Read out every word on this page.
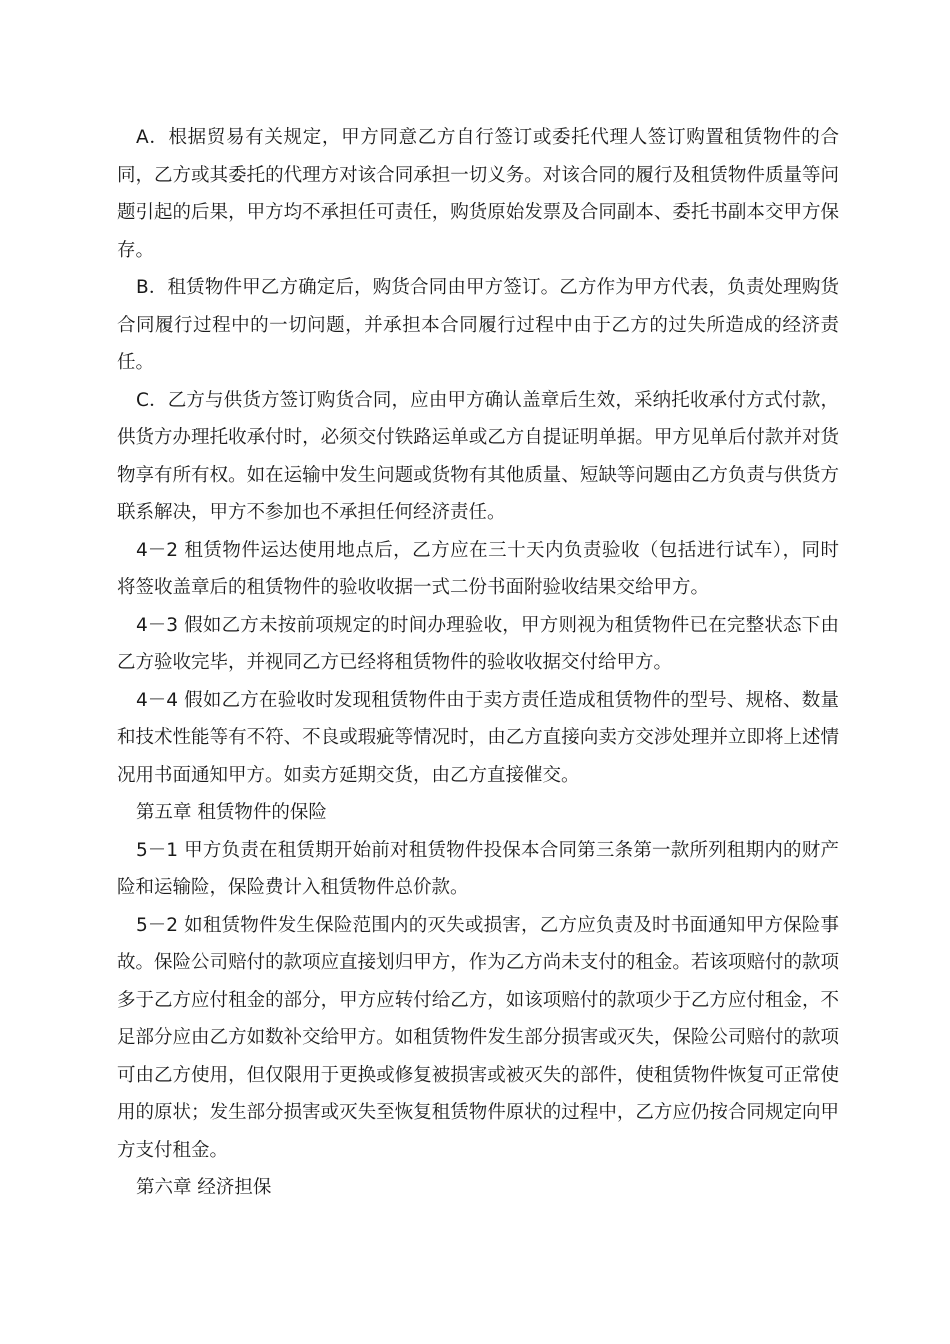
A．根据贸易有关规定，甲方同意乙方自行签订或委托代理人签订购置租赁物件的合同，乙方或其委托的代理方对该合同承担一切义务。对该合同的履行及租赁物件质量等问题引起的后果，甲方均不承担任可责任，购货原始发票及合同副本、委托书副本交甲方保存。

B．租赁物件甲乙方确定后，购货合同由甲方签订。乙方作为甲方代表，负责处理购货合同履行过程中的一切问题，并承担本合同履行过程中由于乙方的过失所造成的经济责任。

C．乙方与供货方签订购货合同，应由甲方确认盖章后生效，采纳托收承付方式付款，供货方办理托收承付时，必须交付铁路运单或乙方自提证明单据。甲方见单后付款并对货物享有所有权。如在运输中发生问题或货物有其他质量、短缺等问题由乙方负责与供货方联系解决，甲方不参加也不承担任何经济责任。

4－2 租赁物件运达使用地点后，乙方应在三十天内负责验收（包括进行试车），同时将签收盖章后的租赁物件的验收收据一式二份书面附验收结果交给甲方。

4－3 假如乙方未按前项规定的时间办理验收，甲方则视为租赁物件已在完整状态下由乙方验收完毕，并视同乙方已经将租赁物件的验收收据交付给甲方。

4－4 假如乙方在验收时发现租赁物件由于卖方责任造成租赁物件的型号、规格、数量和技术性能等有不符、不良或瑕疵等情况时，由乙方直接向卖方交涉处理并立即将上述情况用书面通知甲方。如卖方延期交货，由乙方直接催交。

第五章 租赁物件的保险

5－1 甲方负责在租赁期开始前对租赁物件投保本合同第三条第一款所列租期内的财产险和运输险，保险费计入租赁物件总价款。

5－2 如租赁物件发生保险范围内的灭失或损害，乙方应负责及时书面通知甲方保险事故。保险公司赔付的款项应直接划归甲方，作为乙方尚未支付的租金。若该项赔付的款项多于乙方应付租金的部分，甲方应转付给乙方，如该项赔付的款项少于乙方应付租金，不足部分应由乙方如数补交给甲方。如租赁物件发生部分损害或灭失，保险公司赔付的款项可由乙方使用，但仅限用于更换或修复被损害或被灭失的部件，使租赁物件恢复可正常使用的原状；发生部分损害或灭失至恢复租赁物件原状的过程中，乙方应仍按合同规定向甲方支付租金。

第六章 经济担保
